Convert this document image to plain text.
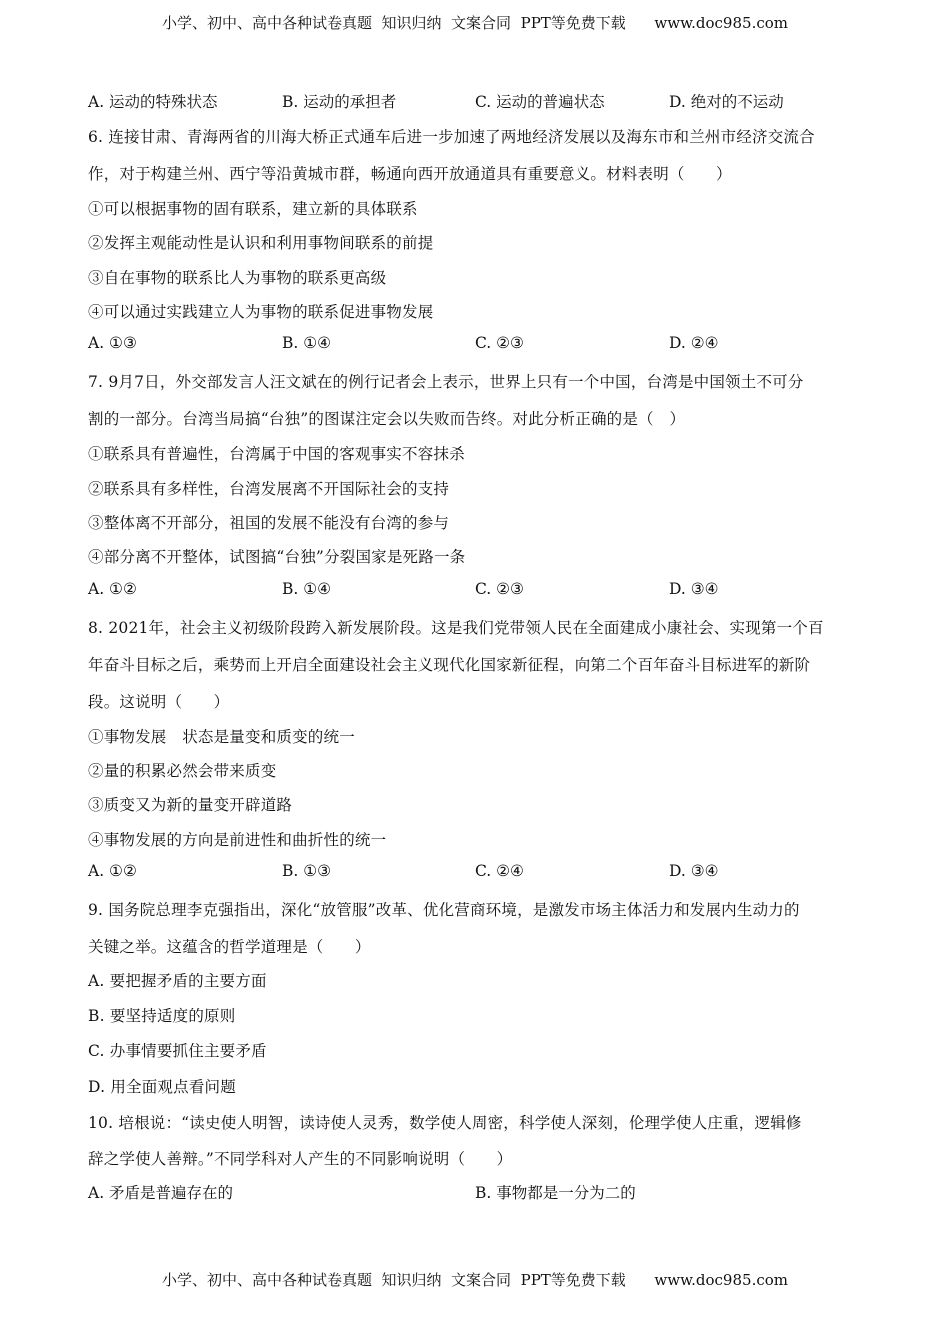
小学、初中、高中各种试卷真题  知识归纳  文案合同  PPT等免费下载      www.doc985.com
A. 运动的特殊状态	B. 运动的承担者	C. 运动的普遍状态	D. 绝对的不运动
6. 连接甘肃、青海两省的川海大桥正式通车后进一步加速了两地经济发展以及海东市和兰州市经济交流合
作，对于构建兰州、西宁等沿黄城市群，畅通向西开放通道具有重要意义。材料表明（　　）
①可以根据事物的固有联系，建立新的具体联系
②发挥主观能动性是认识和利用事物间联系的前提
③自在事物的联系比人为事物的联系更高级
④可以通过实践建立人为事物的联系促进事物发展
A. ①③	B. ①④	C. ②③	D. ②④
7. 9月7日，外交部发言人汪文斌在的例行记者会上表示，世界上只有一个中国，台湾是中国领土不可分
割的一部分。台湾当局搞“台独”的图谋注定会以失败而告终。对此分析正确的是（　）
①联系具有普遍性，台湾属于中国的客观事实不容抹杀
②联系具有多样性，台湾发展离不开国际社会的支持
③整体离不开部分，祖国的发展不能没有台湾的参与
④部分离不开整体，试图搞“台独”分裂国家是死路一条
A. ①②	B. ①④	C. ②③	D. ③④
8. 2021年，社会主义初级阶段跨入新发展阶段。这是我们党带领人民在全面建成小康社会、实现第一个百
年奋斗目标之后，乘势而上开启全面建设社会主义现代化国家新征程，向第二个百年奋斗目标进军的新阶
段。这说明（　　）
①事物发展　状态是量变和质变的统一
②量的积累必然会带来质变
③质变又为新的量变开辟道路
④事物发展的方向是前进性和曲折性的统一
A. ①②	B. ①③	C. ②④	D. ③④
9. 国务院总理李克强指出，深化“放管服”改革、优化营商环境，是激发市场主体活力和发展内生动力的
关键之举。这蕴含的哲学道理是（　　）
A. 要把握矛盾的主要方面
B. 要坚持适度的原则
C. 办事情要抓住主要矛盾
D. 用全面观点看问题
10. 培根说：“读史使人明智，读诗使人灵秀，数学使人周密，科学使人深刻，伦理学使人庄重，逻辑修
辞之学使人善辩。”不同学科对人产生的不同影响说明（　　）
A. 矛盾是普遍存在的	B. 事物都是一分为二的
小学、初中、高中各种试卷真题  知识归纳  文案合同  PPT等免费下载      www.doc985.com
